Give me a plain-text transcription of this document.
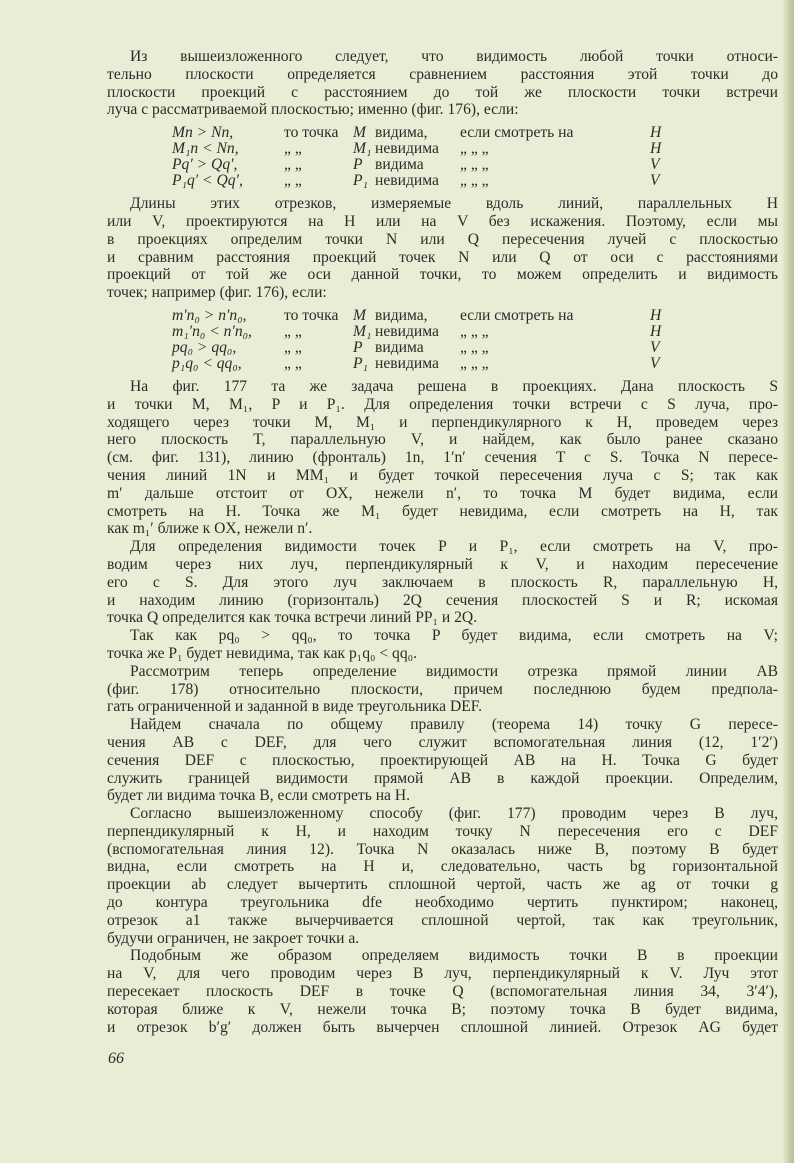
Из вышеизложенного следует, что видимость любой точки относи-
тельно плоскости определяется сравнением расстояния этой точки до
плоскости проекций с расстоянием до той же плоскости точки встречи
луча с рассматриваемой плоскостью; именно (фиг. 176), если:
Mn > Nn,	то точка M видима, если смотреть на	H
M₁n < Nn,	„ „	M₁ невидима „ „ „	H
Pq′ > Qq′,	„ „	P видима „ „ „	V
P₁q′ < Qq′,	„ „	P₁ невидима „ „ „	V
Длины этих отрезков, измеряемые вдоль линий, параллельных H
или V, проектируются на H или на V без искажения. Поэтому, если мы
в проекциях определим точки N или Q пересечения лучей с плоскостью
и сравним расстояния проекций точек N или Q от оси с расстояниями
проекций от той же оси данной точки, то можем определить и видимость
точек; например (фиг. 176), если:
m′n₀ > n′n₀, то точка M видима, если смотреть на	H
m₁′n₀ < n′n₀, „ „	M₁ невидима „ „ „	H
pq₀ > qq₀,	„ „	P видима „ „ „	V
p₁q₀ < qq₀,	„ „	P₁ невидима „ „ „	V
На фиг. 177 та же задача решена в проекциях. Дана плоскость S
и точки M, M₁, P и P₁. Для определения точки встречи с S луча, про-
ходящего через точки M, M₁ и перпендикулярного к H, проведем через
него плоскость T, параллельную V, и найдем, как было ранее сказано
(см. фиг. 131), линию (фронталь) 1n, 1′n′ сечения T с S. Точка N пересе-
чения линий 1N и MM₁ и будет точкой пересечения луча с S; так как
m′ дальше отстоит от OX, нежели n′, то точка M будет видима, если
смотреть на H. Точка же M₁ будет невидима, если смотреть на H, так
как m₁′ ближе к OX, нежели n′.
Для определения видимости точек P и P₁, если смотреть на V, про-
водим через них луч, перпендикулярный к V, и находим пересечение
его с S. Для этого луч заключаем в плоскость R, параллельную H,
и находим линию (горизонталь) 2Q сечения плоскостей S и R; искомая
точка Q определится как точка встречи линий PP₁ и 2Q.
Так как pq₀ > qq₀, то точка P будет видима, если смотреть на V;
точка же P₁ будет невидима, так как p₁q₀ < qq₀.
Рассмотрим теперь определение видимости отрезка прямой линии AB
(фиг. 178) относительно плоскости, причем последнюю будем предпола-
гать ограниченной и заданной в виде треугольника DEF.
Найдем сначала по общему правилу (теорема 14) точку G пересе-
чения AB с DEF, для чего служит вспомогательная линия (12, 1′2′)
сечения DEF с плоскостью, проектирующей AB на H. Точка G будет
служить границей видимости прямой AB в каждой проекции. Определим,
будет ли видима точка B, если смотреть на H.
Согласно вышеизложенному способу (фиг. 177) проводим через B луч,
перпендикулярный к H, и находим точку N пересечения его с DEF
(вспомогательная линия 12). Точка N оказалась ниже B, поэтому B будет
видна, если смотреть на H и, следовательно, часть bg горизонтальной
проекции ab следует вычертить сплошной чертой, часть же ag от точки g
до контура треугольника dfe необходимо чертить пунктиром; наконец,
отрезок a1 также вычерчивается сплошной чертой, так как треугольник,
будучи ограничен, не закроет точки a.
Подобным же образом определяем видимость точки B в проекции
на V, для чего проводим через B луч, перпендикулярный к V. Луч этот
пересекает плоскость DEF в точке Q (вспомогательная линия 34, 3′4′),
которая ближе к V, нежели точка B; поэтому точка B будет видима,
и отрезок b′g′ должен быть вычерчен сплошной линией. Отрезок AG будет
66
